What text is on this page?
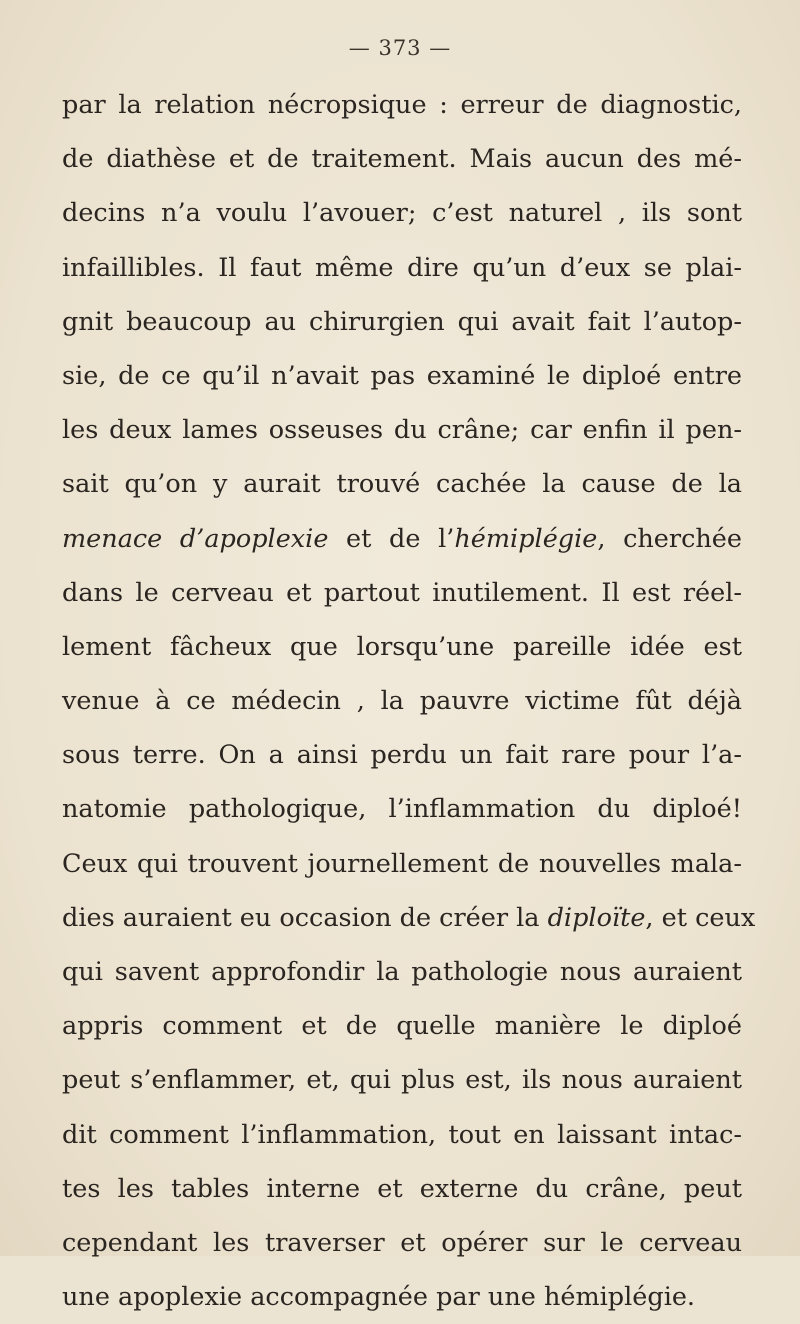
— 373 —
par la relation nécropsique : erreur de diagnostic,
de diathèse et de traitement. Mais aucun des mé-
decins n’a voulu l’avouer; c’est naturel , ils sont
infaillibles. Il faut même dire qu’un d’eux se plai-
gnit beaucoup au chirurgien qui avait fait l’autop-
sie, de ce qu’il n’avait pas examiné le diploé entre
les deux lames osseuses du crâne; car enfin il pen-
sait qu’on y aurait trouvé cachée la cause de la
menace d’apoplexie et de l’hémiplégie, cherchée
dans le cerveau et partout inutilement. Il est réel-
lement fâcheux que lorsqu’une pareille idée est
venue à ce médecin , la pauvre victime fût déjà
sous terre. On a ainsi perdu un fait rare pour l’a-
natomie pathologique, l’inflammation du diploé!
Ceux qui trouvent journellement de nouvelles mala-
dies auraient eu occasion de créer la diploïte, et ceux
qui savent approfondir la pathologie nous auraient
appris comment et de quelle manière le diploé
peut s’enflammer, et, qui plus est, ils nous auraient
dit comment l’inflammation, tout en laissant intac-
tes les tables interne et externe du crâne, peut
cependant les traverser et opérer sur le cerveau
une apoplexie accompagnée par une hémiplégie.
